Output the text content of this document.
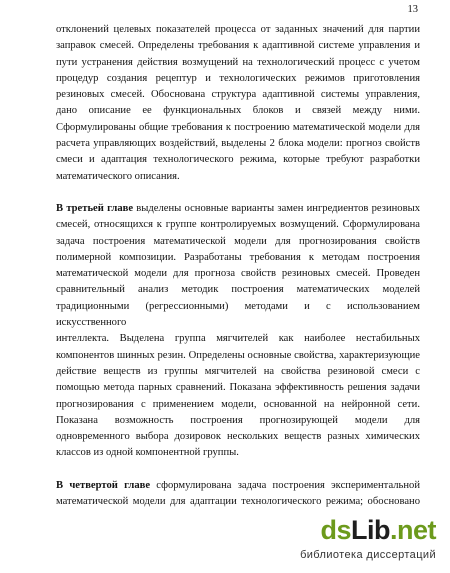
13

отклонений целевых показателей процесса от заданных значений для партии
заправок смесей. Определены требования к адаптивной системе управления и
пути устранения действия возмущений на технологический процесс с учетом
процедур создания рецептур и технологических режимов приготовления
резиновых смесей. Обоснована структура адаптивной системы управления,
дано описание ее функциональных блоков и связей между ними.
Сформулированы общие требования к построению математической модели для
расчета управляющих воздействий, выделены 2 блока модели: прогноз свойств
смеси и адаптация технологического режима, которые требуют разработки

математического описания.

В третьей главе выделены основные варианты замен ингредиентов резиновых
смесей, относящихся к группе контролируемых возмущений. Сформулирована
задача построения математической модели для прогнозирования свойств
полимерной композиции. Разработаны требования к методам построения
математической модели для прогноза свойств резиновых смесей. Проведен
сравнительный анализ методик построения математических моделей
традиционными (регрессионными) методами и с использованием искусственного
интеллекта. Выделена группа мягчителей как наиболее нестабильных
компонентов шинных резин. Определены основные свойства, характеризующие
действие веществ из группы мягчителей на свойства резиновой смеси с
помощью метода парных сравнений. Показана эффективность решения задачи
прогнозирования с применением модели, основанной на нейронной сети.
Показана возможность построения прогнозирующей модели для
одновременного выбора дозировок нескольких веществ разных химических

классов из одной компонентной группы.

В четвертой главе сформулирована задача построения экспериментальной
математической модели для адаптации технологического режима; обосновано

dsLib.net
библиотека диссертаций
